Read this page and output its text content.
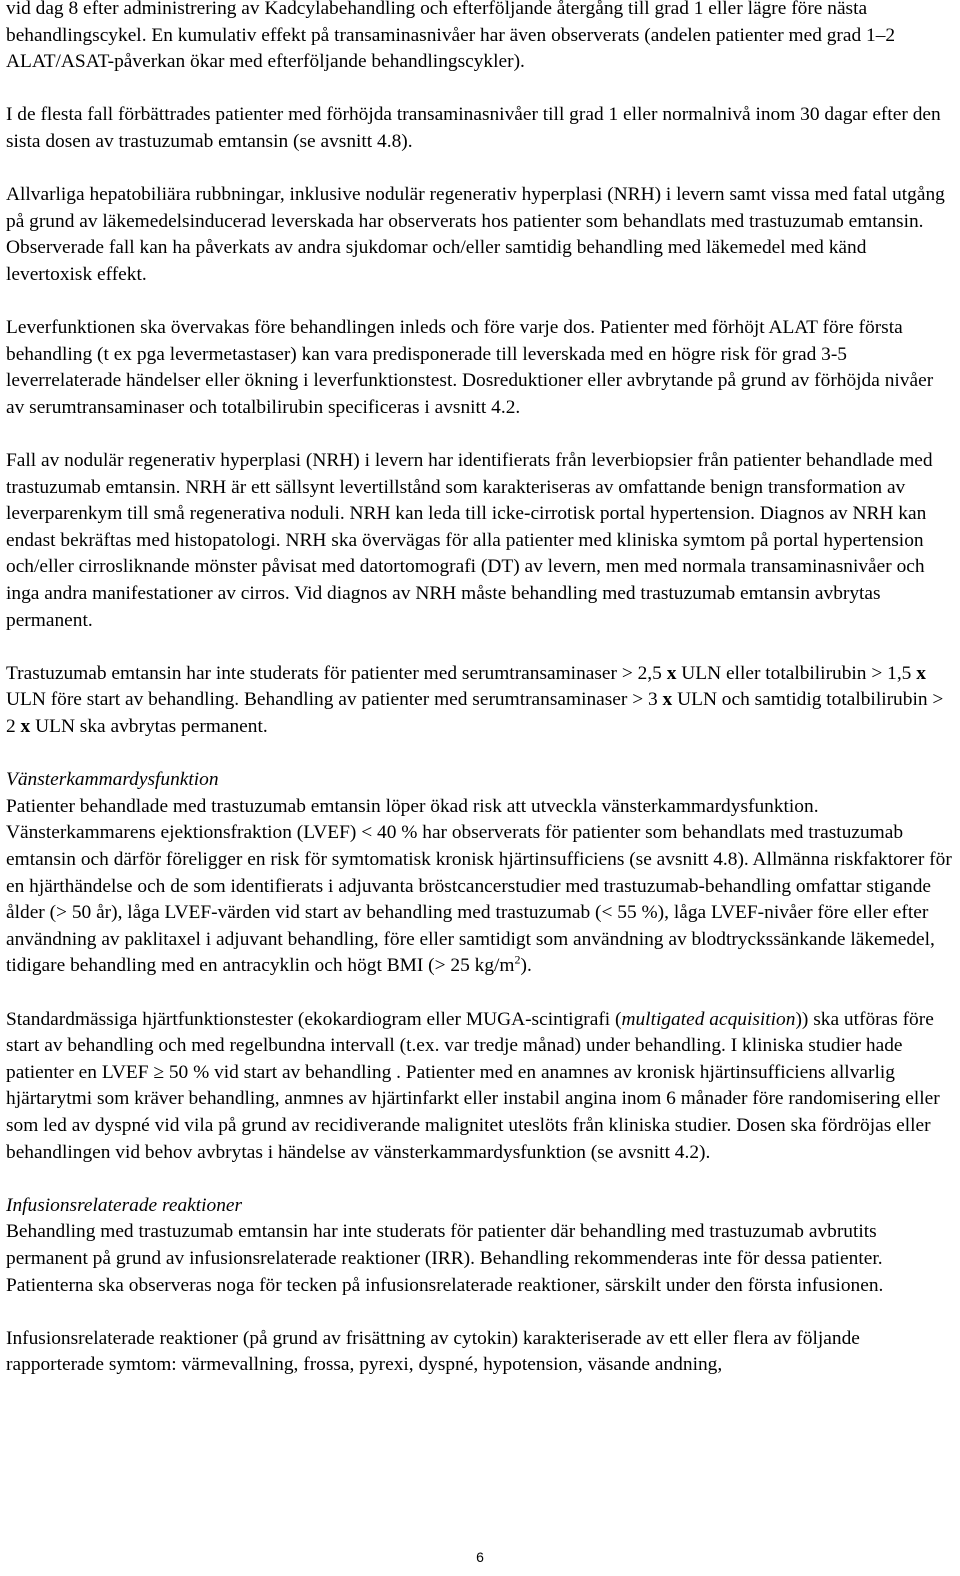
vid dag 8 efter administrering av Kadcylabehandling och efterföljande återgång till grad 1 eller lägre före nästa behandlingscykel. En kumulativ effekt på transaminasnivåer har även observerats (andelen patienter med grad 1–2 ALAT/ASAT-påverkan ökar med efterföljande behandlingscykler).

I de flesta fall förbättrades patienter med förhöjda transaminasnivåer till grad 1 eller normalnivå inom 30 dagar efter den sista dosen av trastuzumab emtansin (se avsnitt 4.8).

Allvarliga hepatobiliära rubbningar, inklusive nodulär regenerativ hyperplasi (NRH) i levern samt vissa med fatal utgång på grund av läkemedelsinducerad leverskada har observerats hos patienter som behandlats med trastuzumab emtansin. Observerade fall kan ha påverkats av andra sjukdomar och/eller samtidig behandling med läkemedel med känd levertoxisk effekt.

Leverfunktionen ska övervakas före behandlingen inleds och före varje dos. Patienter med förhöjt ALAT före första behandling (t ex pga levermetastaser) kan vara predisponerade till leverskada med en högre risk för grad 3-5 leverrelaterade händelser eller ökning i leverfunktionstest. Dosreduktioner eller avbrytande på grund av förhöjda nivåer av serumtransaminaser och totalbilirubin specificeras i avsnitt 4.2.

Fall av nodulär regenerativ hyperplasi (NRH) i levern har identifierats från leverbiopsier från patienter behandlade med trastuzumab emtansin. NRH är ett sällsynt levertillstånd som karakteriseras av omfattande benign transformation av leverparenkym till små regenerativa noduli. NRH kan leda till icke-cirrotisk portal hypertension. Diagnos av NRH kan endast bekräftas med histopatologi. NRH ska övervägas för alla patienter med kliniska symtom på portal hypertension och/eller cirrosliknande mönster påvisat med datortomografi (DT) av levern, men med normala transaminasnivåer och inga andra manifestationer av cirros. Vid diagnos av NRH måste behandling med trastuzumab emtansin avbrytas permanent.

Trastuzumab emtansin har inte studerats för patienter med serumtransaminaser > 2,5 x ULN eller totalbilirubin > 1,5 x ULN före start av behandling. Behandling av patienter med serumtransaminaser > 3 x ULN och samtidig totalbilirubin > 2 x ULN ska avbrytas permanent.

Vänsterkammardysfunktion
Patienter behandlade med trastuzumab emtansin löper ökad risk att utveckla vänsterkammardysfunktion. Vänsterkammarens ejektionsfraktion (LVEF) < 40 % har observerats för patienter som behandlats med trastuzumab emtansin och därför föreligger en risk för symtomatisk kronisk hjärtinsufficiens (se avsnitt 4.8). Allmänna riskfaktorer för en hjärthändelse och de som identifierats i adjuvanta bröstcancerstudier med trastuzumab-behandling omfattar stigande ålder (> 50 år), låga LVEF-värden vid start av behandling med trastuzumab (< 55 %), låga LVEF-nivåer före eller efter användning av paklitaxel i adjuvant behandling, före eller samtidigt som användning av blodtryckssänkande läkemedel, tidigare behandling med en antracyklin och högt BMI (> 25 $kg/m^2$).

Standardmässiga hjärtfunktionstester (ekokardiogram eller MUGA-scintigrafi (multigated acquisition)) ska utföras före start av behandling och med regelbundna intervall (t.ex. var tredje månad) under behandling. I kliniska studier hade patienter en LVEF ≥ 50 % vid start av behandling . Patienter med en anamnes av kronisk hjärtinsufficiens allvarlig hjärtarytmi som kräver behandling, anmnes av hjärtinfarkt eller instabil angina inom 6 månader före randomisering eller som led av dyspné vid vila på grund av recidiverande malignitet uteslöts från kliniska studier. Dosen ska fördröjas eller behandlingen vid behov avbrytas i händelse av vänsterkammardysfunktion (se avsnitt 4.2).

Infusionsrelaterade reaktioner
Behandling med trastuzumab emtansin har inte studerats för patienter där behandling med trastuzumab avbrutits permanent på grund av infusionsrelaterade reaktioner (IRR). Behandling rekommenderas inte för dessa patienter. Patienterna ska observeras noga för tecken på infusionsrelaterade reaktioner, särskilt under den första infusionen.

Infusionsrelaterade reaktioner (på grund av frisättning av cytokin) karakteriserade av ett eller flera av följande rapporterade symtom: värmevallning, frossa, pyrexi, dyspné, hypotension, väsande andning,

6
